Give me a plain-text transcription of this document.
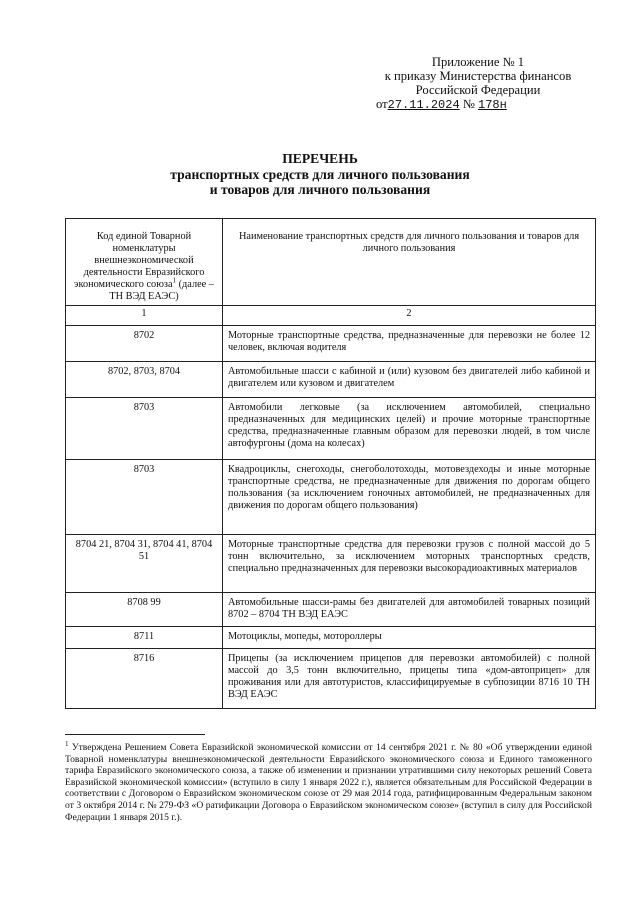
Приложение № 1
к приказу Министерства финансов
Российской Федерации
от27.11.2024 № 178н
ПЕРЕЧЕНЬ
транспортных средств для личного пользования
и товаров для личного пользования
Код единой Товарной номенклатуры внешнеэкономической деятельности Евразийского экономического союза$^1$ (далее – ТН ВЭД ЕАЭС)	Наименование транспортных средств для личного пользования и товаров для личного пользования
1	2
8702	Моторные транспортные средства, предназначенные для перевозки не более 12 человек, включая водителя
8702, 8703, 8704	Автомобильные шасси с кабиной и (или) кузовом без двигателей либо кабиной и двигателем или кузовом и двигателем
8703	Автомобили легковые (за исключением автомобилей, специально предназначенных для медицинских целей) и прочие моторные транспортные средства, предназначенные главным образом для перевозки людей, в том числе автофургоны (дома на колесах)
8703	Квадроциклы, снегоходы, снегоболотоходы, мотовездеходы и иные моторные транспортные средства, не предназначенные для движения по дорогам общего пользования (за исключением гоночных автомобилей, не предназначенных для движения по дорогам общего пользования)
8704 21, 8704 31, 8704 41, 8704 51	Моторные транспортные средства для перевозки грузов с полной массой до 5 тонн включительно, за исключением моторных транспортных средств, специально предназначенных для перевозки высокорадиоактивных материалов
8708 99	Автомобильные шасси-рамы без двигателей для автомобилей товарных позиций 8702 – 8704 ТН ВЭД ЕАЭС
8711	Мотоциклы, мопеды, мотороллеры
8716	Прицепы (за исключением прицепов для перевозки автомобилей) с полной массой до 3,5 тонн включительно, прицепы типа «дом-автоприцеп» для проживания или для автотуристов, классифицируемые в субпозиции 8716 10 ТН ВЭД ЕАЭС
$^1$ Утверждена Решением Совета Евразийской экономической комиссии от 14 сентября 2021 г. № 80 «Об утверждении единой Товарной номенклатуры внешнеэкономической деятельности Евразийского экономического союза и Единого таможенного тарифа Евразийского экономического союза, а также об изменении и признании утратившими силу некоторых решений Совета Евразийской экономической комиссии» (вступило в силу 1 января 2022 г.), является обязательным для Российской Федерации в соответствии с Договором о Евразийском экономическом союзе от 29 мая 2014 года, ратифицированным Федеральным законом от 3 октября 2014 г. № 279-ФЗ «О ратификации Договора о Евразийском экономическом союзе» (вступил в силу для Российской Федерации 1 января 2015 г.).
